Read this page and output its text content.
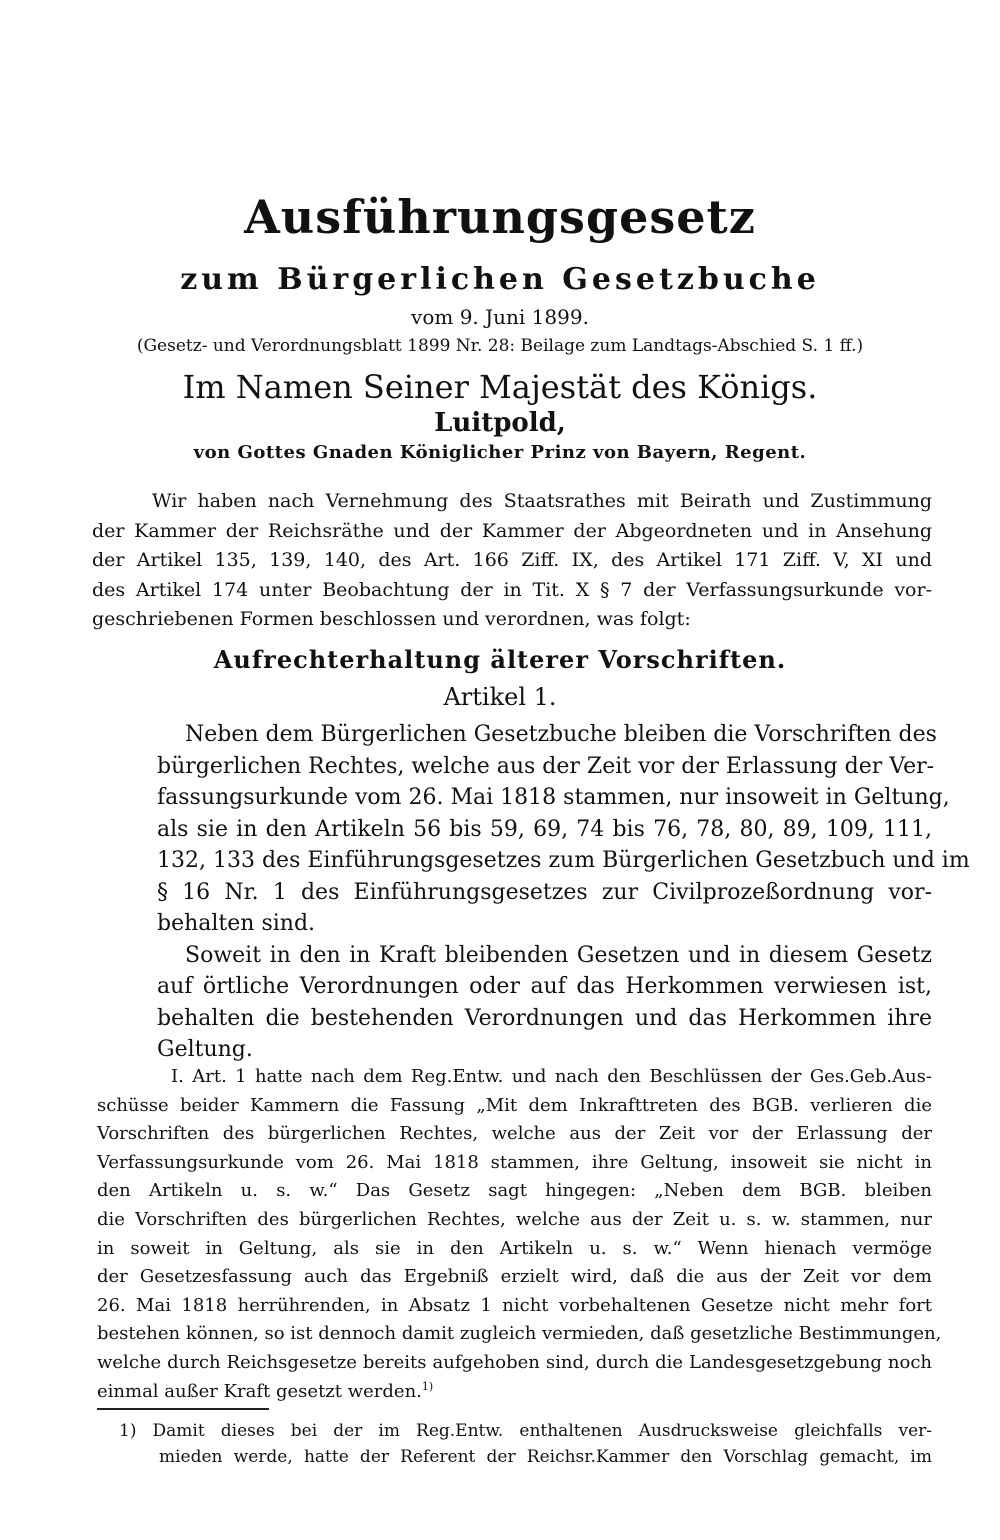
Ausführungsgesetz
zum Bürgerlichen Gesetzbuche
vom 9. Juni 1899.
(Gesetz- und Verordnungsblatt 1899 Nr. 28: Beilage zum Landtags-Abschied S. 1 ff.)
Im Namen Seiner Majestät des Königs.
Luitpold,
von Gottes Gnaden Königlicher Prinz von Bayern, Regent.
Wir haben nach Vernehmung des Staatsrathes mit Beirath und Zustimmung
der Kammer der Reichsräthe und der Kammer der Abgeordneten und in Ansehung
der Artikel 135, 139, 140, des Art. 166 Ziff. IX, des Artikel 171 Ziff. V, XI und
des Artikel 174 unter Beobachtung der in Tit. X § 7 der Verfassungsurkunde vor-
geschriebenen Formen beschlossen und verordnen, was folgt:
Aufrechterhaltung älterer Vorschriften.
Artikel 1.
Neben dem Bürgerlichen Gesetzbuche bleiben die Vorschriften des
bürgerlichen Rechtes, welche aus der Zeit vor der Erlassung der Ver-
fassungsurkunde vom 26. Mai 1818 stammen, nur insoweit in Geltung,
als sie in den Artikeln 56 bis 59, 69, 74 bis 76, 78, 80, 89, 109, 111,
132, 133 des Einführungsgesetzes zum Bürgerlichen Gesetzbuch und im
§ 16 Nr. 1 des Einführungsgesetzes zur Civilprozeßordnung vor-
behalten sind.
Soweit in den in Kraft bleibenden Gesetzen und in diesem Gesetz
auf örtliche Verordnungen oder auf das Herkommen verwiesen ist,
behalten die bestehenden Verordnungen und das Herkommen ihre
Geltung.
I. Art. 1 hatte nach dem Reg.Entw. und nach den Beschlüssen der Ges.Geb.Aus-
schüsse beider Kammern die Fassung „Mit dem Inkrafttreten des BGB. verlieren die
Vorschriften des bürgerlichen Rechtes, welche aus der Zeit vor der Erlassung der
Verfassungsurkunde vom 26. Mai 1818 stammen, ihre Geltung, insoweit sie nicht in
den Artikeln u. s. w.“ Das Gesetz sagt hingegen: „Neben dem BGB. bleiben
die Vorschriften des bürgerlichen Rechtes, welche aus der Zeit u. s. w. stammen, nur
in soweit in Geltung, als sie in den Artikeln u. s. w.“ Wenn hienach vermöge
der Gesetzesfassung auch das Ergebniß erzielt wird, daß die aus der Zeit vor dem
26. Mai 1818 herrührenden, in Absatz 1 nicht vorbehaltenen Gesetze nicht mehr fort
bestehen können, so ist dennoch damit zugleich vermieden, daß gesetzliche Bestimmungen,
welche durch Reichsgesetze bereits aufgehoben sind, durch die Landesgesetzgebung noch
einmal außer Kraft gesetzt werden.$^{1)}$
1) Damit dieses bei der im Reg.Entw. enthaltenen Ausdrucksweise gleichfalls ver-
mieden werde, hatte der Referent der Reichsr.Kammer den Vorschlag gemacht, im
